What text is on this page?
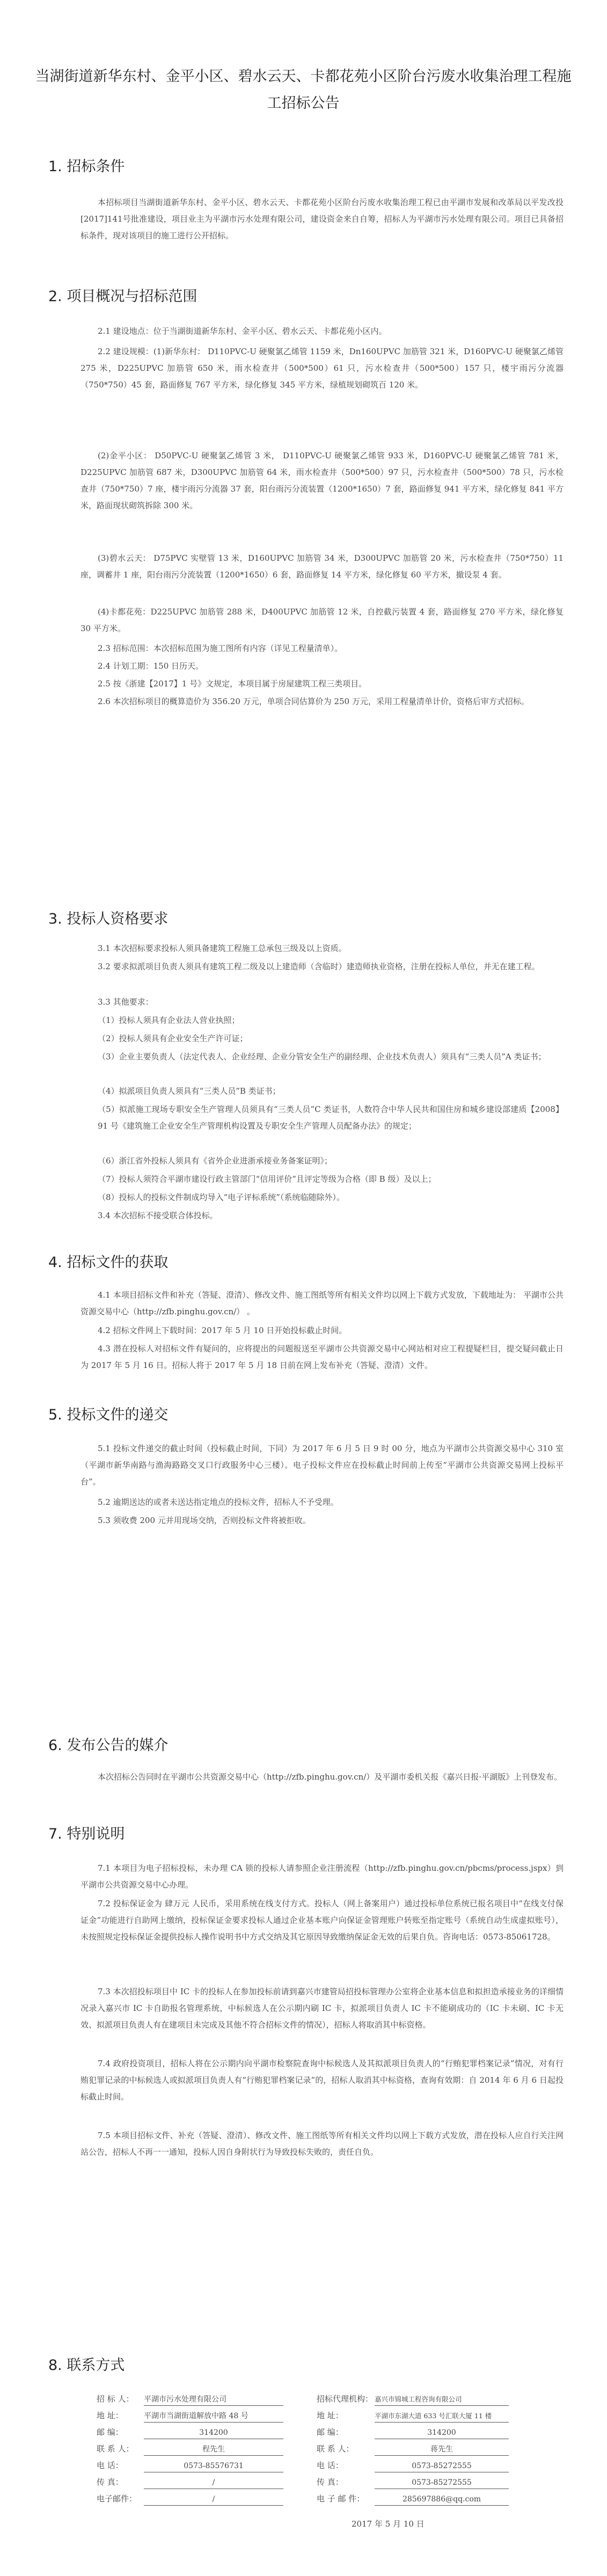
当湖街道新华东村、金平小区、碧水云天、卡都花苑小区阶台污废水收集治理工程施工招标公告
1. 招标条件
本招标项目当湖街道新华东村、金平小区、碧水云天、卡都花苑小区阶台污废水收集治理工程已由平湖市发展和改革局以平发改投[2017]141号批准建设，项目业主为平湖市污水处理有限公司，建设资金来自自筹，招标人为平湖市污水处理有限公司。项目已具备招标条件，现对该项目的施工进行公开招标。
2. 项目概况与招标范围
2.1 建设地点：位于当湖街道新华东村、金平小区、碧水云天、卡都花苑小区内。
2.2 建设规模：(1)新华东村： D110PVC-U 硬聚氯乙烯管 1159 米，Dn160UPVC 加筋管 321 米，D160PVC-U 硬聚氯乙烯管 275 米，D225UPVC 加筋管 650 米，雨水检查井（500*500）61 只，污水检查井（500*500）157 只，楼宇雨污分流器（750*750）45 套，路面修复 767 平方米，绿化修复 345 平方米，绿植规划砌筑百 120 米。
(2)金平小区： D50PVC-U 硬聚氯乙烯管 3 米， D110PVC-U 硬聚氯乙烯管 933 米，D160PVC-U 硬聚氯乙烯管 781 米，D225UPVC 加筋管 687 米，D300UPVC 加筋管 64 米，雨水检查井（500*500）97 只，污水检查井（500*500）78 只，污水检查井（750*750）7 座，楼宇雨污分流器 37 套，阳台雨污分流装置（1200*1650）7 套，路面修复 941 平方米，绿化修复 841 平方米，路面现状砌筑拆除 300 米。
(3)碧水云天： D75PVC 实壁管 13 米，D160UPVC 加筋管 34 米，D300UPVC 加筋管 20 米，污水检查井（750*750）11 座，调蓄井 1 座，阳台雨污分流装置（1200*1650）6 套，路面修复 14 平方米，绿化修复 60 平方米，撤设泵 4 套。
(4)卡都花苑：D225UPVC 加筋管 288 米，D400UPVC 加筋管 12 米，自控截污装置 4 套，路面修复 270 平方米，绿化修复 30 平方米。
2.3 招标范围：本次招标范围为施工图所有内容（详见工程量清单）。
2.4 计划工期：150 日历天。
2.5 按《浙建【2017】1 号》文规定，本项目属于房屋建筑工程三类项目。
2.6 本次招标项目的概算造价为 356.20 万元，单项合同估算价为 250 万元，采用工程量清单计价，资格后审方式招标。
3. 投标人资格要求
3.1 本次招标要求投标人须具备建筑工程施工总承包三级及以上资质。
3.2 要求拟派项目负责人须具有建筑工程二级及以上建造师（含临时）建造师执业资格，注册在投标人单位，并无在建工程。
3.3 其他要求：
（1）投标人须具有企业法人营业执照；
（2）投标人须具有企业安全生产许可证；
（3）企业主要负责人（法定代表人、企业经理、企业分管安全生产的副经理、企业技术负责人）须具有“三类人员”A 类证书；
（4）拟派项目负责人须具有“三类人员”B 类证书；
（5）拟派施工现场专职安全生产管理人员须具有“三类人员”C 类证书，人数符合中华人民共和国住房和城乡建设部建质【2008】91 号《建筑施工企业安全生产管理机构设置及专职安全生产管理人员配备办法》的规定；
（6）浙江省外投标人须具有《省外企业进浙承接业务备案证明》；
（7）投标人须符合平湖市建设行政主管部门“信用评价”且评定等级为合格（即 B 级）及以上；
（8）投标人的投标文件制成均导入“电子评标系统”（系统临随除外）。
3.4 本次招标不接受联合体投标。
4. 招标文件的获取
4.1 本项目招标文件和补充（答疑、澄清）、修改文件、施工图纸等所有相关文件均以网上下载方式发放，下载地址为： 平湖市公共资源交易中心（http://zfb.pinghu.gov.cn/） 。
4.2 招标文件网上下载时间：2017 年 5 月 10 日开始投标截止时间。
4.3 潜在投标人对招标文件有疑问的，应将提出的问题报送至平湖市公共资源交易中心网站相对应工程提疑栏目，提交疑问截止日为 2017 年 5 月 16 日。招标人将于 2017 年 5 月 18 日前在网上发布补充（答疑、澄清）文件。
5. 投标文件的递交
5.1 投标文件递交的截止时间（投标截止时间，下同）为 2017 年 6 月 5 日 9 时 00 分，地点为平湖市公共资源交易中心 310 室（平湖市新华南路与渔海路路交叉口行政服务中心三楼）。电子投标文件应在投标截止时间前上传至“平湖市公共资源交易网上投标平台”。
5.2 逾期送达的或者未送达指定地点的投标文件，招标人不予受理。
5.3 须收费 200 元并用现场交纳，否则投标文件将被拒收。
6. 发布公告的媒介
本次招标公告同时在平湖市公共资源交易中心（http://zfb.pinghu.gov.cn/）及平湖市委机关报《嘉兴日报·平湖版》上刊登发布。
7. 特别说明
7.1 本项目为电子招标投标，未办理 CA 锁的投标人请参照企业注册流程（http://zfb.pinghu.gov.cn/pbcms/process.jspx）到平湖市公共资源交易中心办理。
7.2 投标保证金为 肆万元 人民币，采用系统在线支付方式。投标人（网上备案用户）通过投标单位系统已报名项目中“在线支付保证金”功能进行自助网上缴纳，投标保证金要求投标人通过企业基本账户向保证金管理账户转账至指定账号（系统自动生成虚拟账号），未按照规定投标保证金提供投标人操作说明书中方式交纳及其它原因导致缴纳保证金无效的后果自负。咨询电话：0573-85061728。
7.3 本次招投标项目中 IC 卡的投标人在参加投标前请到嘉兴市建管局招投标管理办公室将企业基本信息和拟担造承接业务的详细情况录入嘉兴市 IC 卡自助报名管理系统，中标候选人在公示期内刷 IC 卡，拟派项目负责人 IC 卡不能刷成功的（IC 卡未刷、IC 卡无效、拟派项目负责人有在建项目未完成及其他不符合招标文件的情况），招标人将取消其中标资格。
7.4 政府投资项目，招标人将在公示期内向平湖市检察院查询中标候选人及其拟派项目负责人的“行贿犯罪档案记录”情况，对有行贿犯罪记录的中标候选人或拟派项目负责人有“行贿犯罪档案记录”的，招标人取消其中标资格，查询有效期：自 2014 年 6 月 6 日起投标截止时间。
7.5 本项目招标文件、补充（答疑、澄清）、修改文件、施工图纸等所有相关文件均以网上下载方式发放，潜在投标人应自行关注网站公告，招标人不再一一通知，投标人因自身附状行为导致投标失败的，责任自负。
8. 联系方式
招 标 人： 平湖市污水处理有限公司
地 址：	平湖市当湖街道解放中路 48 号
邮 编：	314200
联 系 人：	程先生
电 话：	0573-85576731
传 真：	/
电子邮件：	/
招标代理机构： 嘉兴市锦城工程咨询有限公司
地 址：	平湖市东湖大道 633 号汇联大厦 11 楼
邮 编：	314200
联 系 人：	蒋先生
电 话：	0573-85272555
传 真：	0573-85272555
电 子 邮 件：	285697886@qq.com
2017 年 5 月 10 日
